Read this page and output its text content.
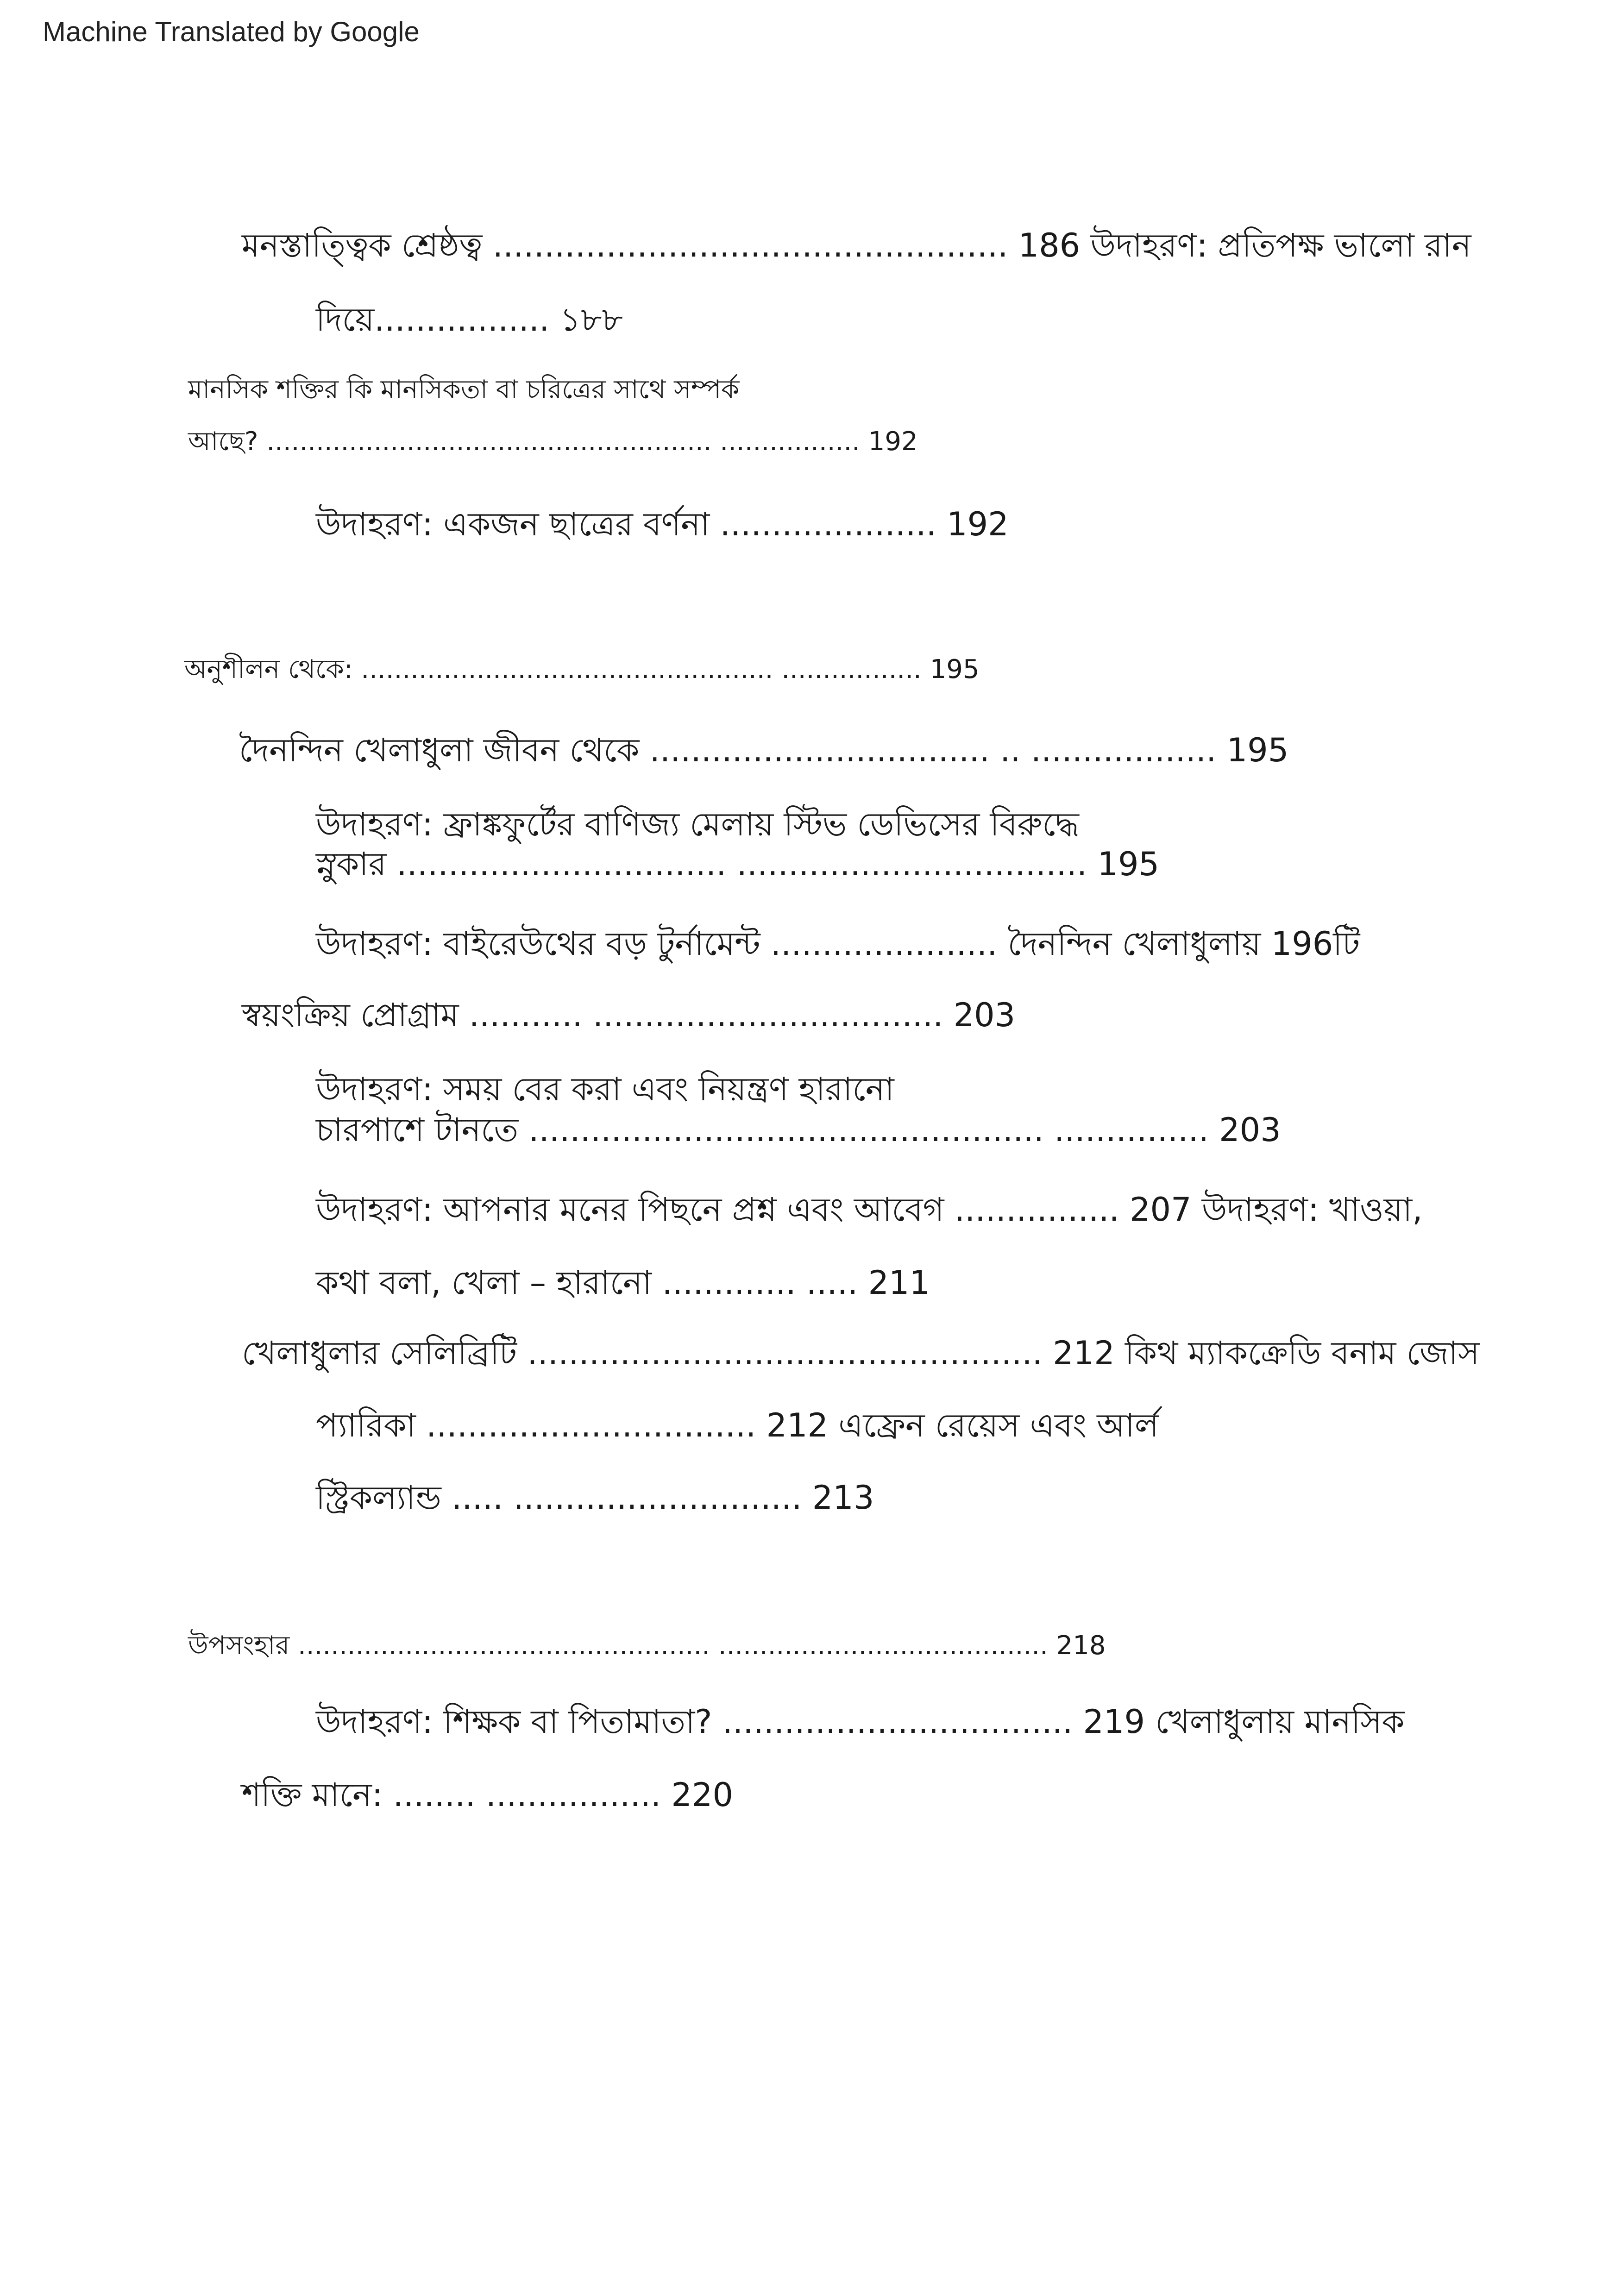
Machine Translated by Google
মনস্তাত্ত্বিক শ্রেষ্ঠত্ব .................................................. 186 উদাহরণ: প্রতিপক্ষ ভালো রান
দিয়ে................. ১৮৮
মানসিক শক্তির কি মানসিকতা বা চরিত্রের সাথে সম্পর্ক
আছে? ...................................................... ................. 192
উদাহরণ: একজন ছাত্রের বর্ণনা ..................... 192
অনুশীলন থেকে: .................................................. ................. 195
দৈনন্দিন খেলাধুলা জীবন থেকে ................................. .. .................. 195
উদাহরণ: ফ্রাঙ্কফুর্টের বাণিজ্য মেলায় স্টিভ ডেভিসের বিরুদ্ধে
স্নুকার ................................ .................................. 195
উদাহরণ: বাইরেউথের বড় টুর্নামেন্ট ...................... দৈনন্দিন খেলাধুলায় 196টি
স্বয়ংক্রিয় প্রোগ্রাম ........... .................................. 203
উদাহরণ: সময় বের করা এবং নিয়ন্ত্রণ হারানো
চারপাশে টানতে .................................................. ............... 203
উদাহরণ: আপনার মনের পিছনে প্রশ্ন এবং আবেগ ................ 207 উদাহরণ: খাওয়া,
কথা বলা, খেলা – হারানো ............. ..... 211
খেলাধুলার সেলিব্রিটি .................................................. 212 কিথ ম্যাকক্রেডি বনাম জোস
প্যারিকা ................................ 212 এফ্রেন রেয়েস এবং আর্ল
স্ট্রিকল্যান্ড ..... ............................ 213
উপসংহার .................................................. ........................................ 218
উদাহরণ: শিক্ষক বা পিতামাতা? .................................. 219 খেলাধুলায় মানসিক
শক্তি মানে: ........ ................. 220
